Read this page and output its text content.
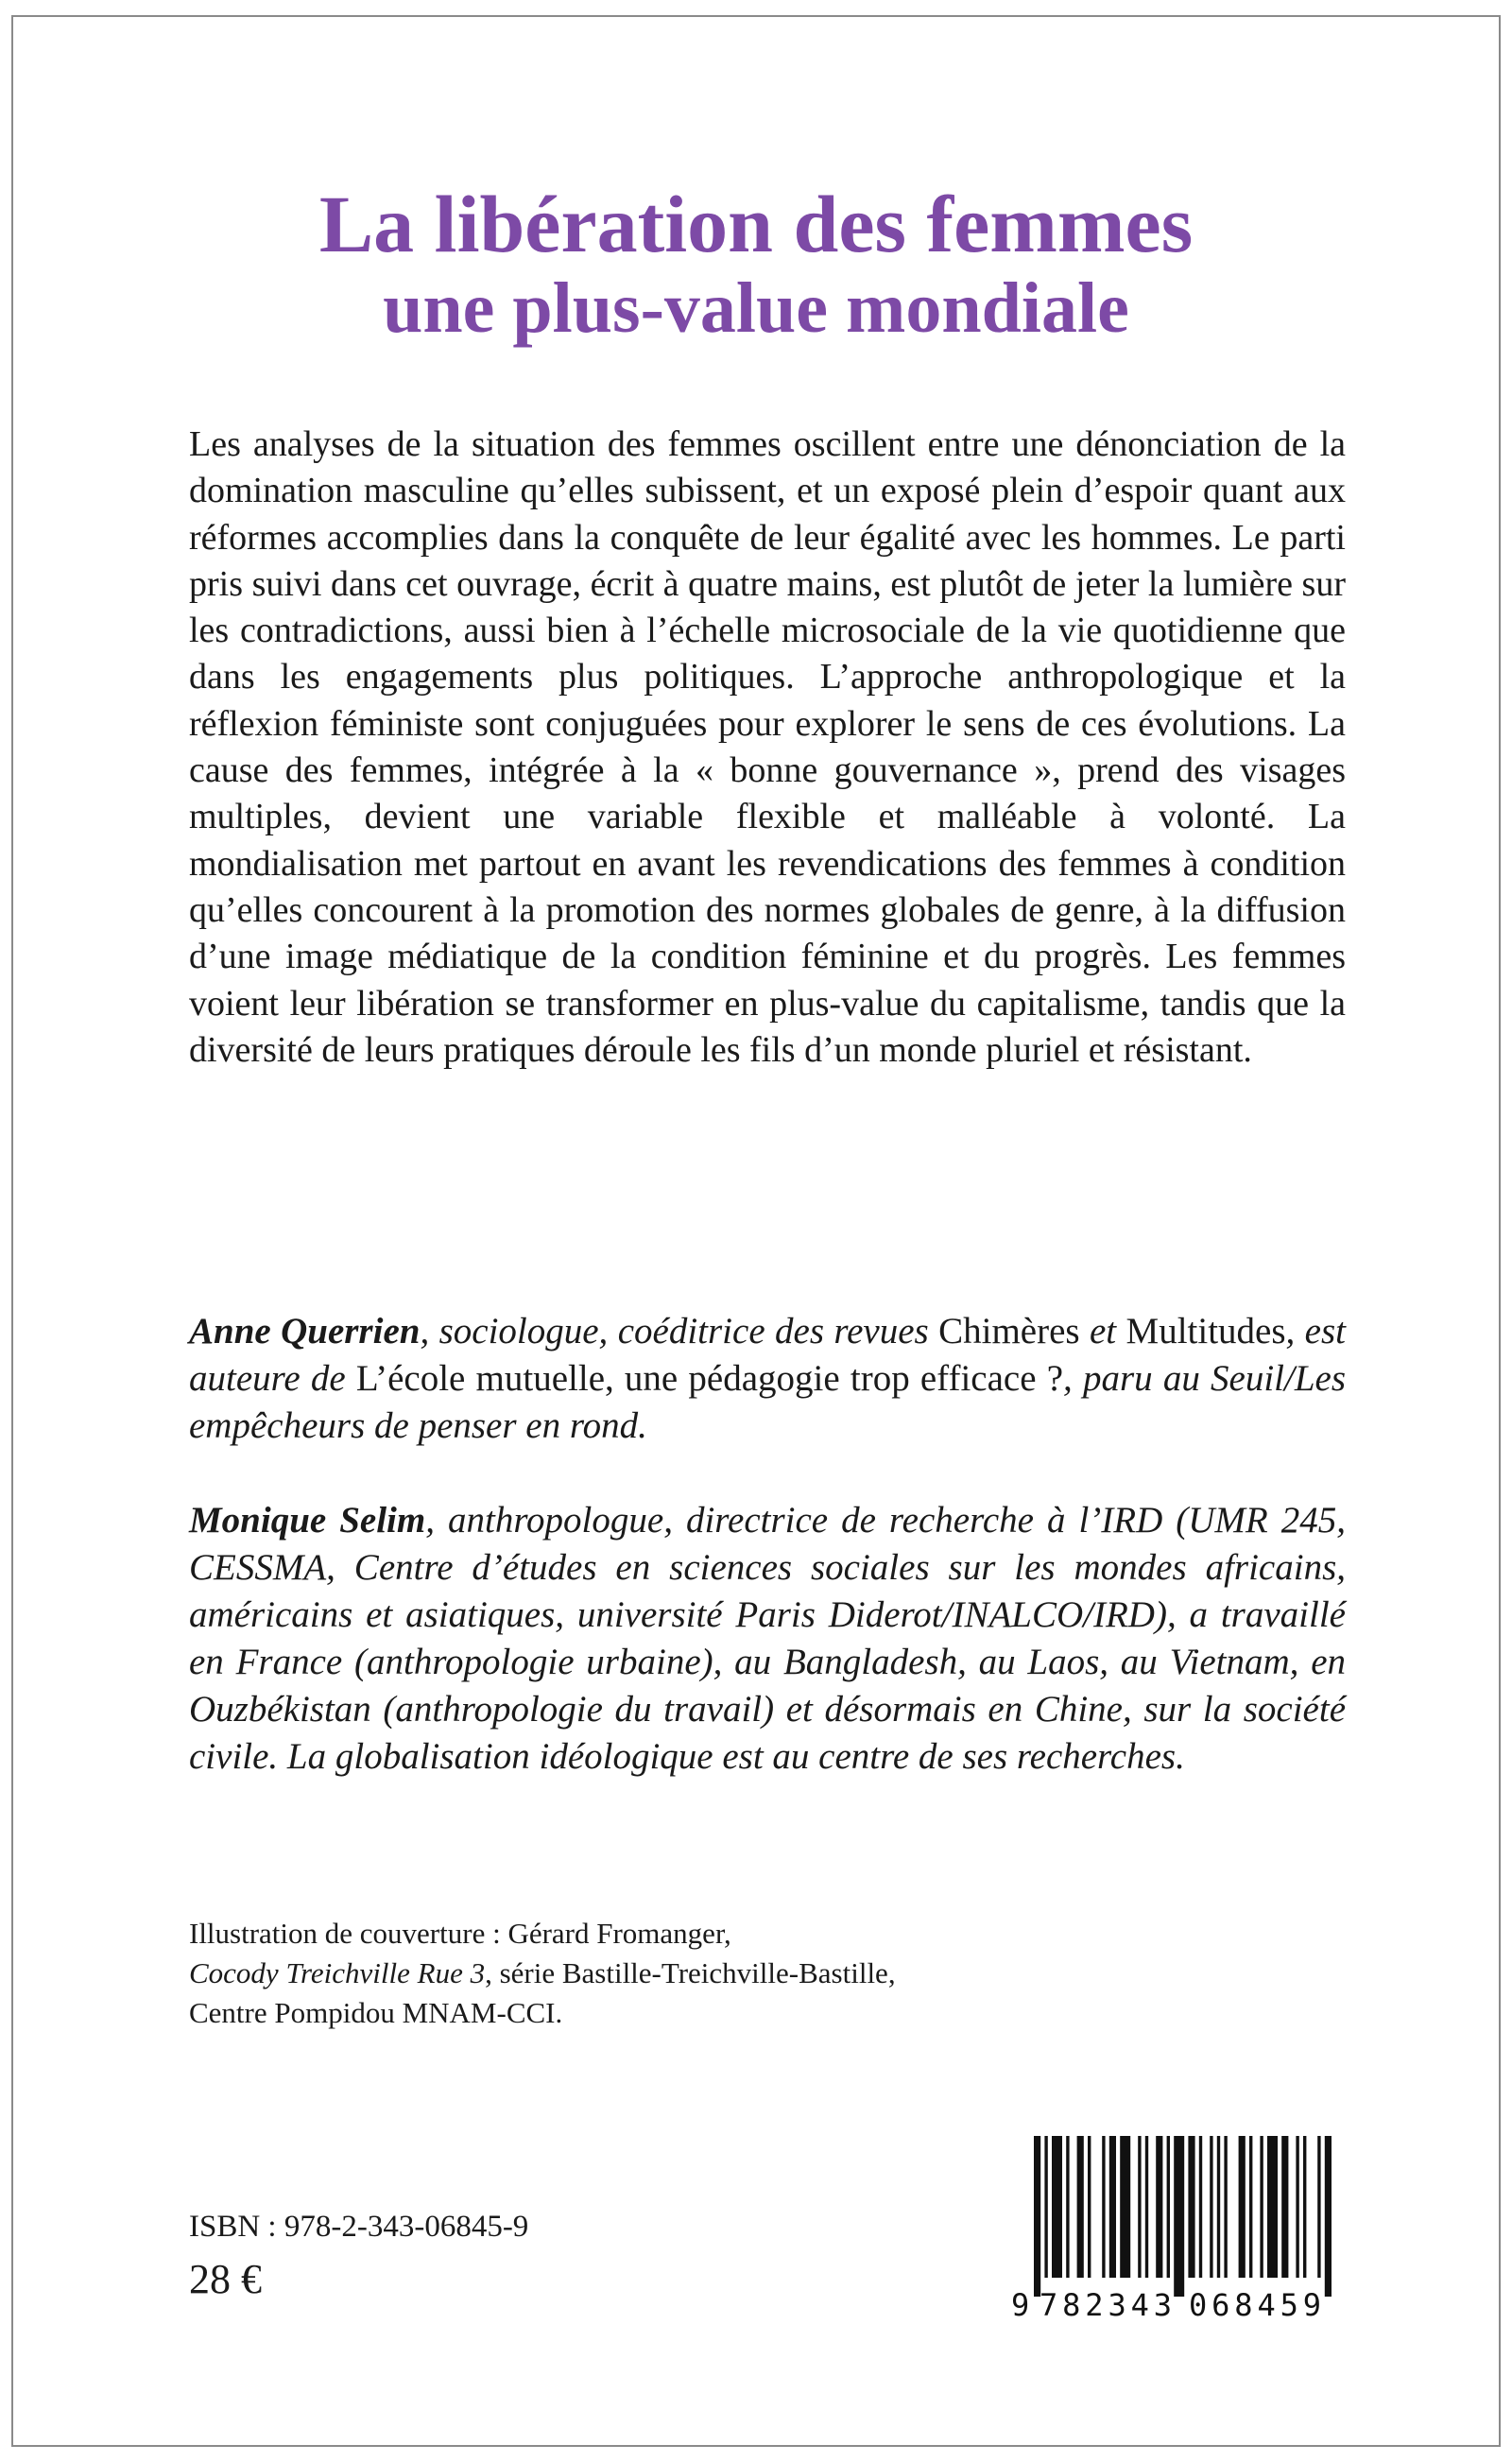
La libération des femmes
une plus-value mondiale

Les analyses de la situation des femmes oscillent entre une dénonciation de la domination masculine qu’elles subissent, et un exposé plein d’espoir quant aux réformes accomplies dans la conquête de leur égalité avec les hommes. Le parti pris suivi dans cet ouvrage, écrit à quatre mains, est plutôt de jeter la lumière sur les contradictions, aussi bien à l’échelle microsociale de la vie quotidienne que dans les engagements plus politiques. L’approche anthropologique et la réflexion féministe sont conjuguées pour explorer le sens de ces évolutions. La cause des femmes, intégrée à la « bonne gouvernance », prend des visages multiples, devient une variable flexible et malléable à volonté. La mondialisation met partout en avant les revendications des femmes à condition qu’elles concourent à la promotion des normes globales de genre, à la diffusion d’une image médiatique de la condition féminine et du progrès. Les femmes voient leur libération se transformer en plus-value du capitalisme, tandis que la diversité de leurs pratiques déroule les fils d’un monde pluriel et résistant.

Anne Querrien, sociologue, coéditrice des revues Chimères et Multitudes, est auteure de L’école mutuelle, une pédagogie trop efficace ?, paru au Seuil/Les empêcheurs de penser en rond.

Monique Selim, anthropologue, directrice de recherche à l’IRD (UMR 245, CESSMA, Centre d’études en sciences sociales sur les mondes africains, américains et asiatiques, université Paris Diderot/INALCO/IRD), a travaillé en France (anthropologie urbaine), au Bangladesh, au Laos, au Vietnam, en Ouzbékistan (anthropologie du travail) et désormais en Chine, sur la société civile. La globalisation idéologique est au centre de ses recherches.

Illustration de couverture : Gérard Fromanger,
Cocody Treichville Rue 3, série Bastille-Treichville-Bastille,
Centre Pompidou MNAM-CCI.
ISBN : 978-2-343-06845-9
28 €
9 782343 068459
